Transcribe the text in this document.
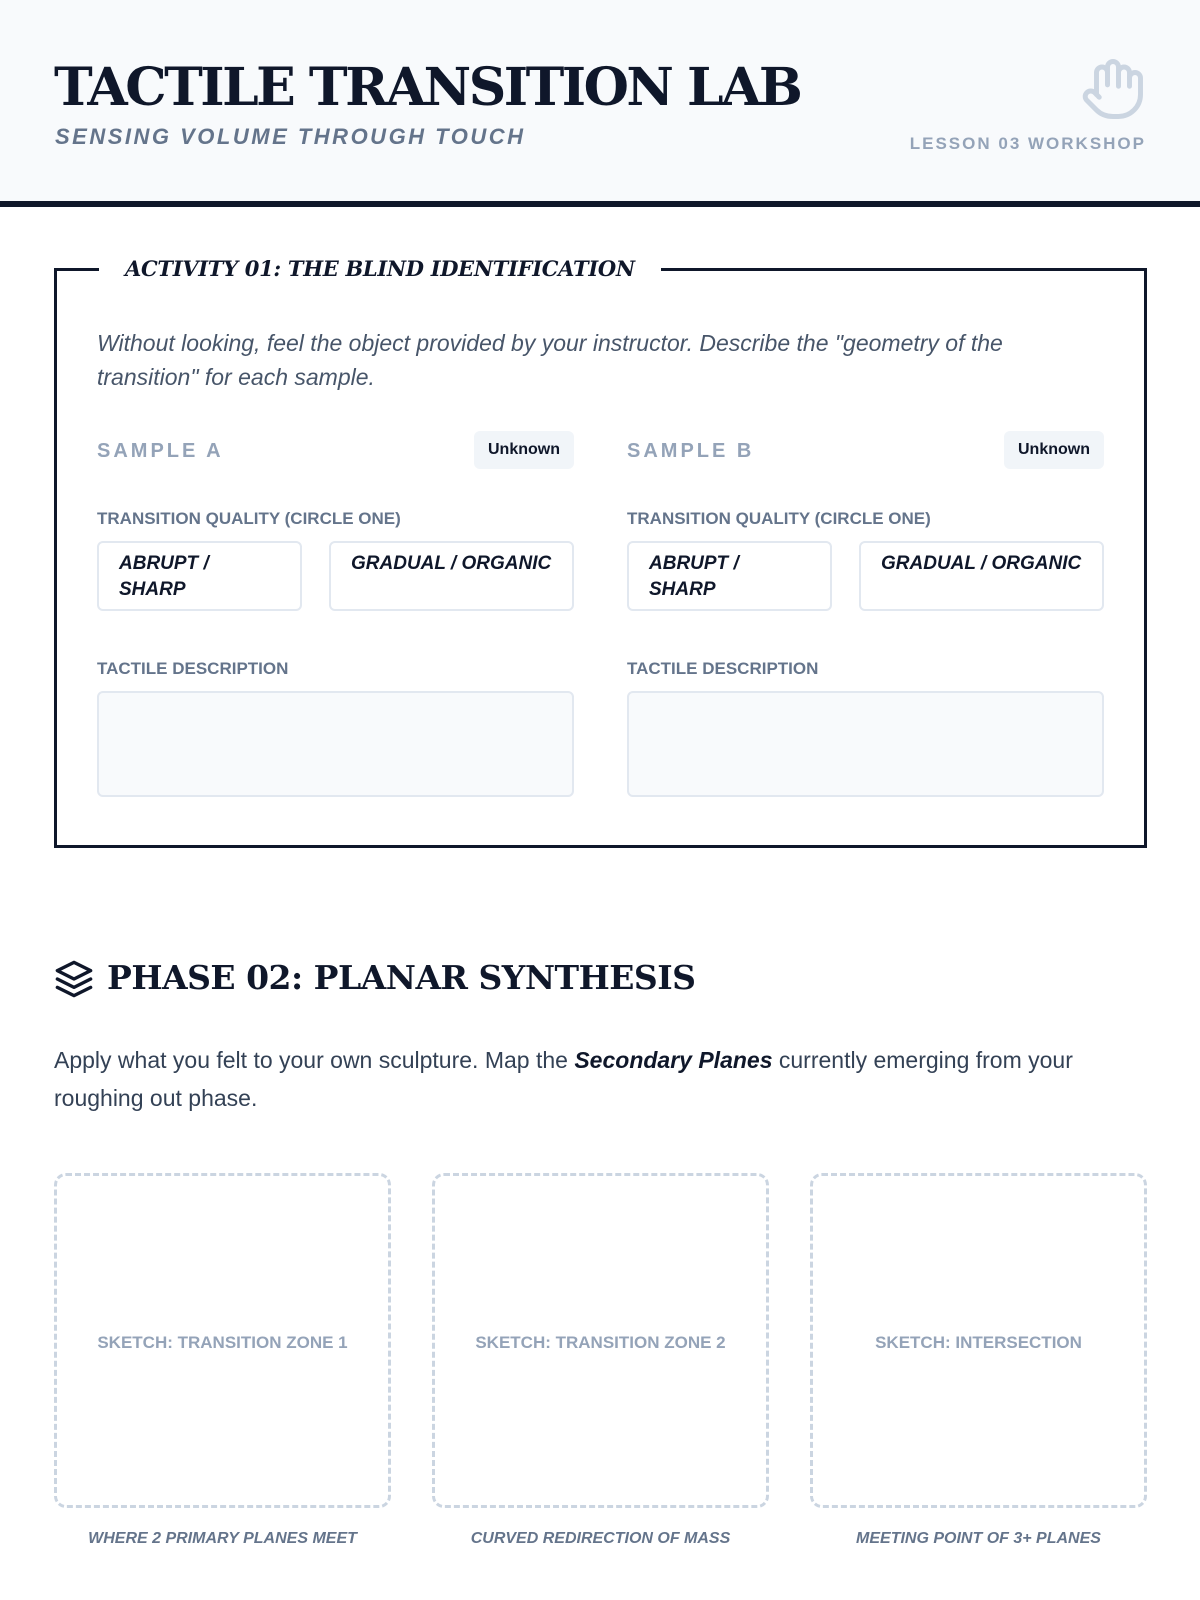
TACTILE TRANSITION LAB
SENSING VOLUME THROUGH TOUCH	LESSON 03 WORKSHOP
ACTIVITY 01: THE BLIND IDENTIFICATION
Without looking, feel the object provided by your instructor. Describe the "geometry of the transition" for each sample.
SAMPLE A	Unknown
TRANSITION QUALITY (CIRCLE ONE)
ABRUPT / SHARP
GRADUAL / ORGANIC
TACTILE DESCRIPTION
SAMPLE B	Unknown
TRANSITION QUALITY (CIRCLE ONE)
ABRUPT / SHARP
GRADUAL / ORGANIC
TACTILE DESCRIPTION
PHASE 02: PLANAR SYNTHESIS
Apply what you felt to your own sculpture. Map the Secondary Planes currently emerging from your roughing out phase.
SKETCH: TRANSITION ZONE 1	SKETCH: TRANSITION ZONE 2	SKETCH: INTERSECTION
WHERE 2 PRIMARY PLANES MEET	CURVED REDIRECTION OF MASS	MEETING POINT OF 3+ PLANES
